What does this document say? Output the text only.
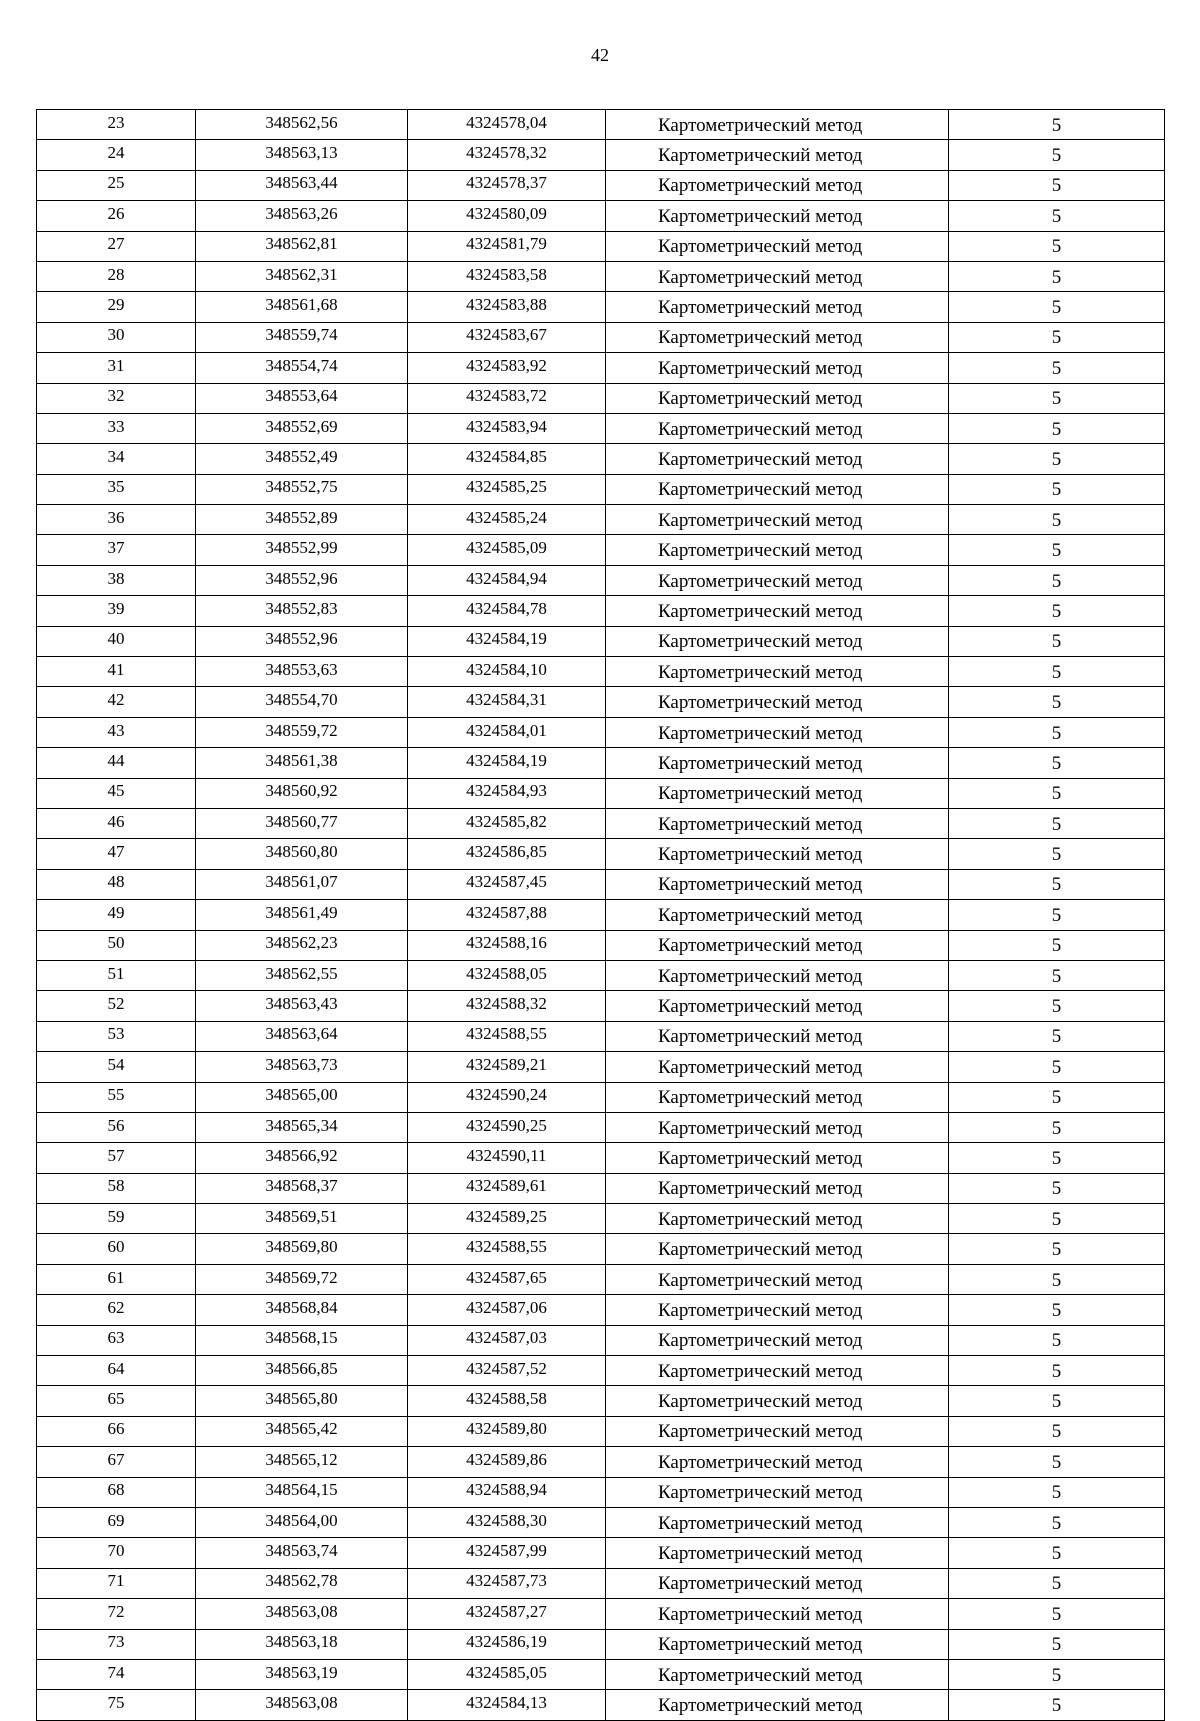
42
23	348562,56	4324578,04	Картометрический метод	5
24	348563,13	4324578,32	Картометрический метод	5
25	348563,44	4324578,37	Картометрический метод	5
26	348563,26	4324580,09	Картометрический метод	5
27	348562,81	4324581,79	Картометрический метод	5
28	348562,31	4324583,58	Картометрический метод	5
29	348561,68	4324583,88	Картометрический метод	5
30	348559,74	4324583,67	Картометрический метод	5
31	348554,74	4324583,92	Картометрический метод	5
32	348553,64	4324583,72	Картометрический метод	5
33	348552,69	4324583,94	Картометрический метод	5
34	348552,49	4324584,85	Картометрический метод	5
35	348552,75	4324585,25	Картометрический метод	5
36	348552,89	4324585,24	Картометрический метод	5
37	348552,99	4324585,09	Картометрический метод	5
38	348552,96	4324584,94	Картометрический метод	5
39	348552,83	4324584,78	Картометрический метод	5
40	348552,96	4324584,19	Картометрический метод	5
41	348553,63	4324584,10	Картометрический метод	5
42	348554,70	4324584,31	Картометрический метод	5
43	348559,72	4324584,01	Картометрический метод	5
44	348561,38	4324584,19	Картометрический метод	5
45	348560,92	4324584,93	Картометрический метод	5
46	348560,77	4324585,82	Картометрический метод	5
47	348560,80	4324586,85	Картометрический метод	5
48	348561,07	4324587,45	Картометрический метод	5
49	348561,49	4324587,88	Картометрический метод	5
50	348562,23	4324588,16	Картометрический метод	5
51	348562,55	4324588,05	Картометрический метод	5
52	348563,43	4324588,32	Картометрический метод	5
53	348563,64	4324588,55	Картометрический метод	5
54	348563,73	4324589,21	Картометрический метод	5
55	348565,00	4324590,24	Картометрический метод	5
56	348565,34	4324590,25	Картометрический метод	5
57	348566,92	4324590,11	Картометрический метод	5
58	348568,37	4324589,61	Картометрический метод	5
59	348569,51	4324589,25	Картометрический метод	5
60	348569,80	4324588,55	Картометрический метод	5
61	348569,72	4324587,65	Картометрический метод	5
62	348568,84	4324587,06	Картометрический метод	5
63	348568,15	4324587,03	Картометрический метод	5
64	348566,85	4324587,52	Картометрический метод	5
65	348565,80	4324588,58	Картометрический метод	5
66	348565,42	4324589,80	Картометрический метод	5
67	348565,12	4324589,86	Картометрический метод	5
68	348564,15	4324588,94	Картометрический метод	5
69	348564,00	4324588,30	Картометрический метод	5
70	348563,74	4324587,99	Картометрический метод	5
71	348562,78	4324587,73	Картометрический метод	5
72	348563,08	4324587,27	Картометрический метод	5
73	348563,18	4324586,19	Картометрический метод	5
74	348563,19	4324585,05	Картометрический метод	5
75	348563,08	4324584,13	Картометрический метод	5
